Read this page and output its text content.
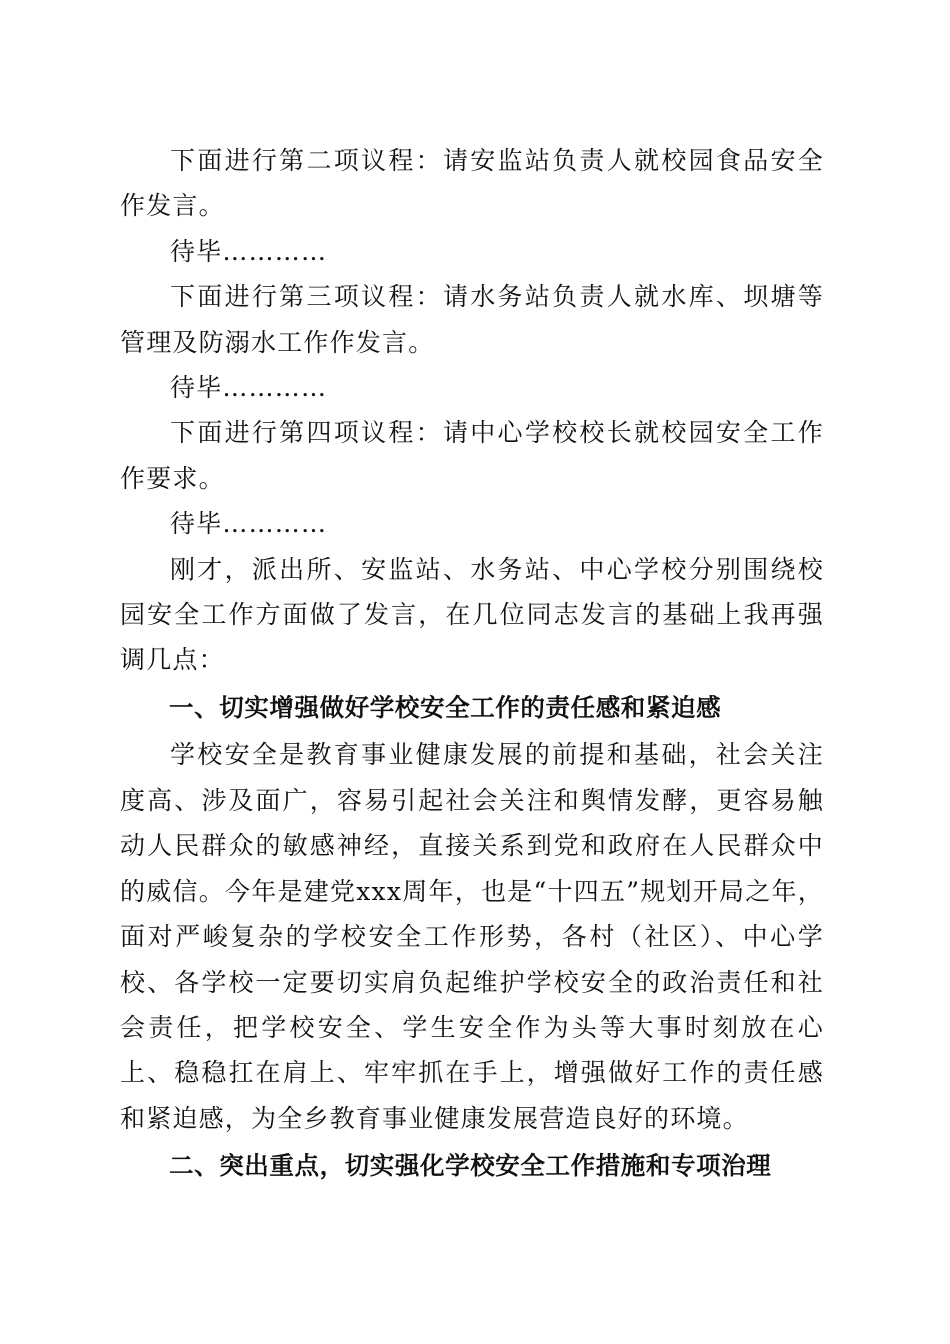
下面进行第二项议程：请安监站负责人就校园食品安全作发言。

待毕…………

下面进行第三项议程：请水务站负责人就水库、坝塘等管理及防溺水工作作发言。

待毕…………

下面进行第四项议程：请中心学校校长就校园安全工作作要求。

待毕…………

刚才，派出所、安监站、水务站、中心学校分别围绕校园安全工作方面做了发言，在几位同志发言的基础上我再强调几点：

一、切实增强做好学校安全工作的责任感和紧迫感

学校安全是教育事业健康发展的前提和基础，社会关注度高、涉及面广，容易引起社会关注和舆情发酵，更容易触动人民群众的敏感神经，直接关系到党和政府在人民群众中的威信。今年是建党xxx周年，也是“十四五”规划开局之年，面对严峻复杂的学校安全工作形势，各村（社区）、中心学校、各学校一定要切实肩负起维护学校安全的政治责任和社会责任，把学校安全、学生安全作为头等大事时刻放在心上、稳稳扛在肩上、牢牢抓在手上，增强做好工作的责任感和紧迫感，为全乡教育事业健康发展营造良好的环境。

二、突出重点，切实强化学校安全工作措施和专项治理
